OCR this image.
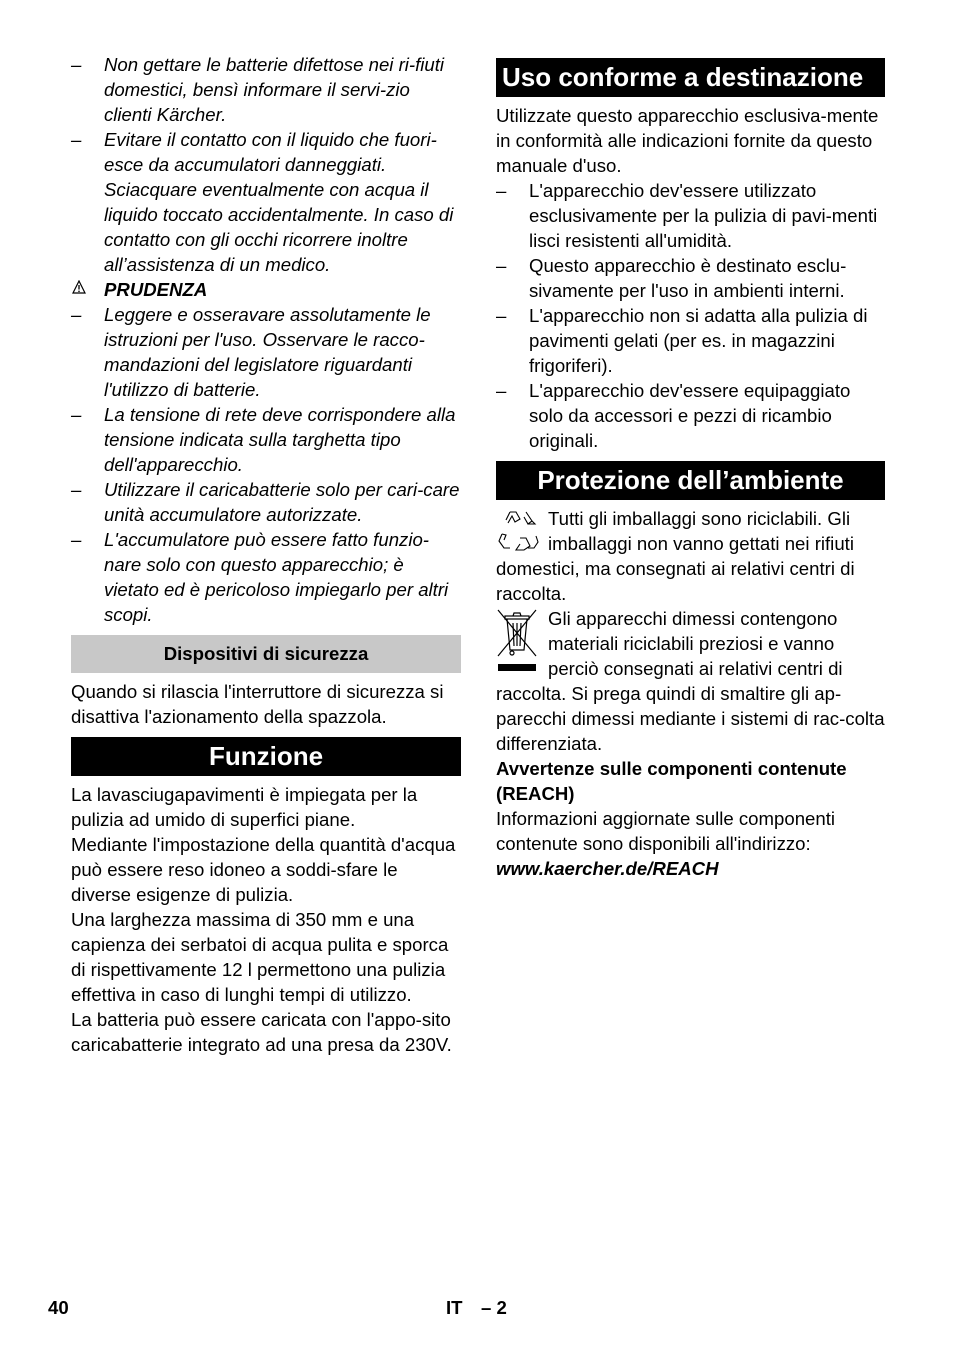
– Non gettare le batterie difettose nei ri-fiuti domestici, bensì informare il servi-zio clienti Kärcher.
– Evitare il contatto con il liquido che fuori-esce da accumulatori danneggiati. Sciacquare eventualmente con acqua il liquido toccato accidentalmente. In caso di contatto con gli occhi ricorrere inoltre all’assistenza di un medico.
PRUDENZA
– Leggere e osseravare assolutamente le istruzioni per l'uso. Osservare le racco-mandazioni del legislatore riguardanti l'utilizzo di batterie.
– La tensione di rete deve corrispondere alla tensione indicata sulla targhetta tipo dell'apparecchio.
– Utilizzare il caricabatterie solo per cari-care unità accumulatore autorizzate.
– L'accumulatore può essere fatto funzio-nare solo con questo apparecchio; è vietato ed è pericoloso impiegarlo per altri scopi.
Dispositivi di sicurezza
Quando si rilascia l'interruttore di sicurezza si disattiva l'azionamento della spazzola.
Funzione
La lavasciugapavimenti è impiegata per la pulizia ad umido di superfici piane.
Mediante l'impostazione della quantità d'acqua può essere reso idoneo a soddi-sfare le diverse esigenze di pulizia.
Una larghezza massima di 350 mm e una capienza dei serbatoi di acqua pulita e sporca di rispettivamente 12 l permettono una pulizia effettiva in caso di lunghi tempi di utilizzo.
La batteria può essere caricata con l'appo-sito caricabatterie integrato ad una presa da 230V.
Uso conforme a destinazione
Utilizzate questo apparecchio esclusiva-mente in conformità alle indicazioni fornite da questo manuale d'uso.
– L'apparecchio dev'essere utilizzato esclusivamente per la pulizia di pavi-menti lisci resistenti all'umidità.
– Questo apparecchio è destinato esclu-sivamente per l'uso in ambienti interni.
– L'apparecchio non si adatta alla pulizia di pavimenti gelati (per es. in magazzini frigoriferi).
– L'apparecchio dev'essere equipaggiato solo da accessori e pezzi di ricambio originali.
Protezione dell’ambiente
Tutti gli imballaggi sono riciclabili. Gli imballaggi non vanno gettati nei rifiuti
domestici, ma consegnati ai relativi centri di raccolta.
Gli apparecchi dimessi contengono materiali riciclabili preziosi e vanno perciò consegnati ai relativi centri di
raccolta. Si prega quindi di smaltire gli ap-parecchi dimessi mediante i sistemi di rac-colta differenziata.
Avvertenze sulle componenti contenute (REACH)
Informazioni aggiornate sulle componenti contenute sono disponibili all'indirizzo:
www.kaercher.de/REACH
40	IT – 2
